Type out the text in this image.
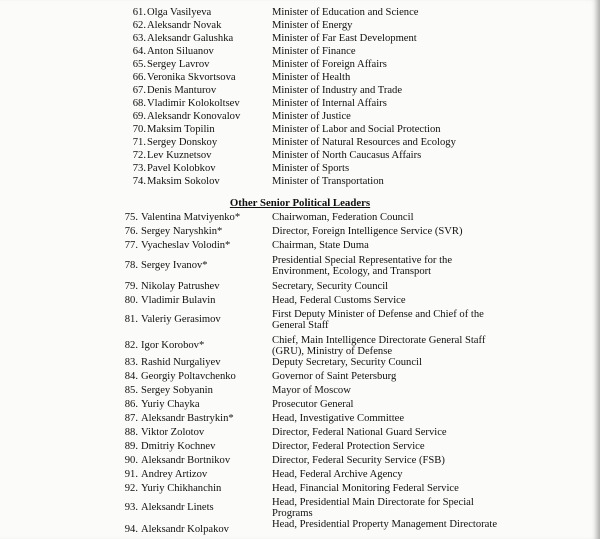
61. Olga Vasilyeva	Minister of Education and Science
62. Aleksandr Novak	Minister of Energy
63. Aleksandr Galushka	Minister of Far East Development
64. Anton Siluanov	Minister of Finance
65. Sergey Lavrov	Minister of Foreign Affairs
66. Veronika Skvortsova	Minister of Health
67. Denis Manturov	Minister of Industry and Trade
68. Vladimir Kolokoltsev	Minister of Internal Affairs
69. Aleksandr Konovalov	Minister of Justice
70. Maksim Topilin	Minister of Labor and Social Protection
71. Sergey Donskoy	Minister of Natural Resources and Ecology
72. Lev Kuznetsov	Minister of North Caucasus Affairs
73. Pavel Kolobkov	Minister of Sports
74. Maksim Sokolov	Minister of Transportation
Other Senior Political Leaders
75. Valentina Matviyenko*	Chairwoman, Federation Council
76. Sergey Naryshkin*	Director, Foreign Intelligence Service (SVR)
77. Vyacheslav Volodin*	Chairman, State Duma
78. Sergey Ivanov*	Presidential Special Representative for the Environment, Ecology, and Transport
79. Nikolay Patrushev	Secretary, Security Council
80. Vladimir Bulavin	Head, Federal Customs Service
81. Valeriy Gerasimov	First Deputy Minister of Defense and Chief of the General Staff
82. Igor Korobov*	Chief, Main Intelligence Directorate General Staff (GRU), Ministry of Defense
83. Rashid Nurgaliyev	Deputy Secretary, Security Council
84. Georgiy Poltavchenko	Governor of Saint Petersburg
85. Sergey Sobyanin	Mayor of Moscow
86. Yuriy Chayka	Prosecutor General
87. Aleksandr Bastrykin*	Head, Investigative Committee
88. Viktor Zolotov	Director, Federal National Guard Service
89. Dmitriy Kochnev	Director, Federal Protection Service
90. Aleksandr Bortnikov	Director, Federal Security Service (FSB)
91. Andrey Artizov	Head, Federal Archive Agency
92. Yuriy Chikhanchin	Head, Financial Monitoring Federal Service
93. Aleksandr Linets	Head, Presidential Main Directorate for Special Programs
94. Aleksandr Kolpakov	Head, Presidential Property Management Directorate
